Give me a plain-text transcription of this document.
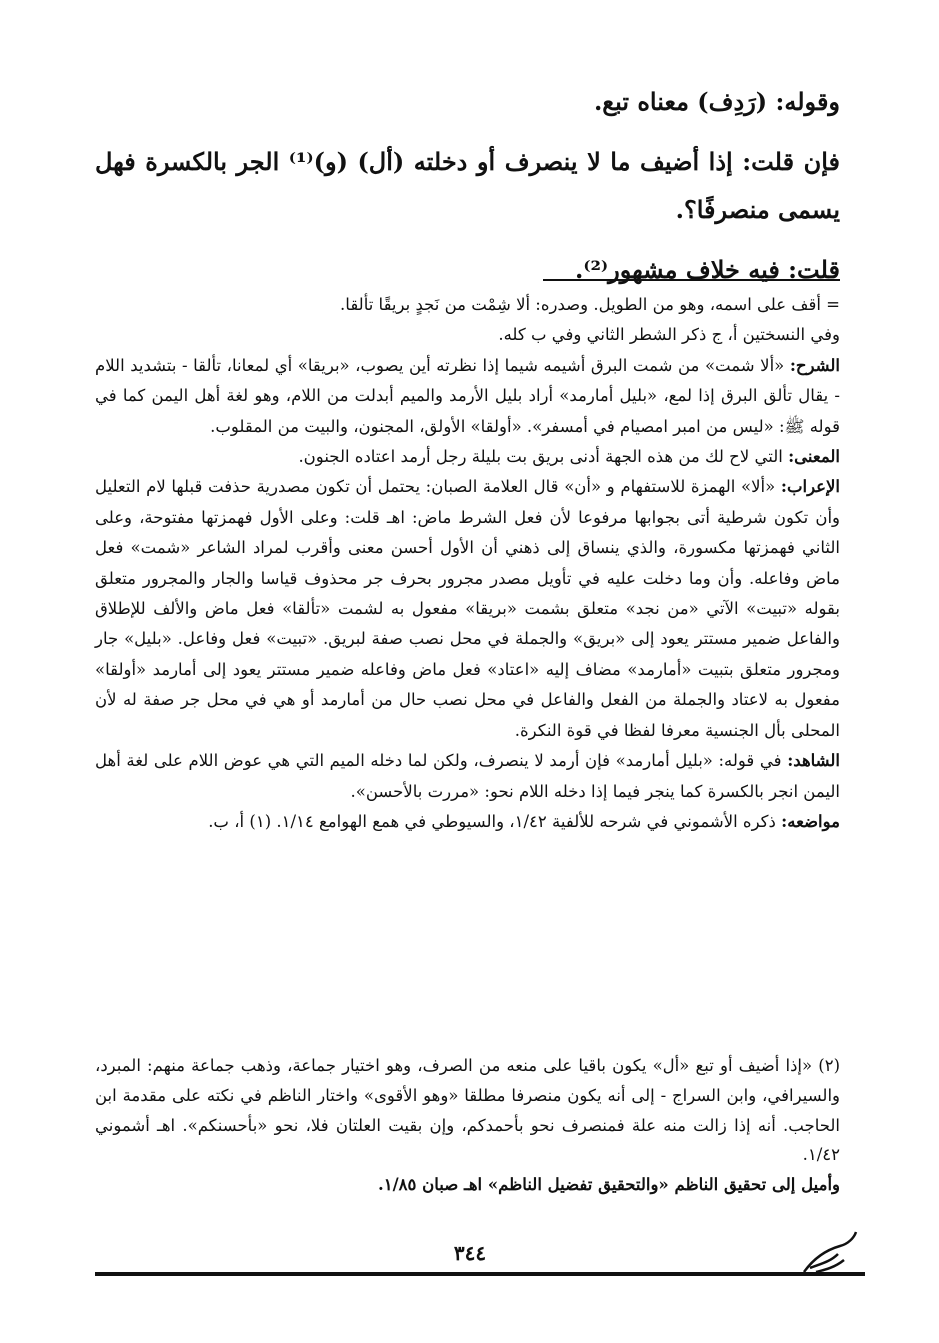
وقوله: (رَدِف) معناه تبع.

فإن قلت: إذا أضيف ما لا ينصرف أو دخلته (أل) (و)⁽¹⁾ الجر بالكسرة فهل يسمى منصرفًا؟.

قلت: فيه خلاف مشهور⁽²⁾.

= أقف على اسمه، وهو من الطويل. وصدره: ألا شِمْت من نَجدٍ بريقًا تألقا.

وفي النسختين أ، ج ذكر الشطر الثاني وفي ب كله.

الشرح: «ألا شمت» من شمت البرق أشيمه شيما إذا نظرته أين يصوب، «بريقا» أي لمعانا، تألقا - بتشديد اللام - يقال تألق البرق إذا لمع، «بليل أمارمد» أراد بليل الأرمد والميم أبدلت من اللام، وهو لغة أهل اليمن كما في قوله ﷺ: «ليس من امبر امصيام في أمسفر». «أولقا» الأولق، المجنون، والبيت من المقلوب.

المعنى: التي لاح لك من هذه الجهة أدنى بريق بت بليلة رجل أرمد اعتاده الجنون.

الإعراب: «ألا» الهمزة للاستفهام و «أن» قال العلامة الصبان: يحتمل أن تكون مصدرية حذفت قبلها لام التعليل وأن تكون شرطية أتى بجوابها مرفوعا لأن فعل الشرط ماض: اهـ قلت: وعلى الأول فهمزتها مفتوحة، وعلى الثاني فهمزتها مكسورة، والذي ينساق إلى ذهني أن الأول أحسن معنى وأقرب لمراد الشاعر «شمت» فعل ماض وفاعله. وأن وما دخلت عليه في تأويل مصدر مجرور بحرف جر محذوف قياسا والجار والمجرور متعلق بقوله «تبيت» الآتي «من نجد» متعلق بشمت «بريقا» مفعول به لشمت «تألقا» فعل ماض والألف للإطلاق والفاعل ضمير مستتر يعود إلى «بريق» والجملة في محل نصب صفة لبريق. «تبيت» فعل وفاعل. «بليل» جار ومجرور متعلق بتبيت «أمارمد» مضاف إليه «اعتاد» فعل ماض وفاعله ضمير مستتر يعود إلى أمارمد «أولقا» مفعول به لاعتاد والجملة من الفعل والفاعل في محل نصب حال من أمارمد أو هي في محل جر صفة له لأن المحلى بأل الجنسية معرفا لفظا في قوة النكرة.

الشاهد: في قوله: «بليل أمارمد» فإن أرمد لا ينصرف، ولكن لما دخله الميم التي هي عوض اللام على لغة أهل اليمن انجر بالكسرة كما ينجر فيما إذا دخله اللام نحو: «مررت بالأحسن».

مواضعه: ذكره الأشموني في شرحه للألفية ١/٤٢، والسيوطي في همع الهوامع ١/١٤. (١) أ، ب.

(٢) «إذا أضيف أو تبع «أل» يكون باقيا على منعه من الصرف، وهو اختيار جماعة، وذهب جماعة منهم: المبرد، والسيرافي، وابن السراج - إلى أنه يكون منصرفا مطلقا «وهو الأقوى» واختار الناظم في نكته على مقدمة ابن الحاجب. أنه إذا زالت منه علة فمنصرف نحو بأحمدكم، وإن بقيت العلتان فلا، نحو «بأحسنكم». اهـ أشموني ١/٤٢.

وأميل إلى تحقيق الناظم «والتحقيق تفضيل الناظم» اهـ صبان ١/٨٥.

٣٤٤
